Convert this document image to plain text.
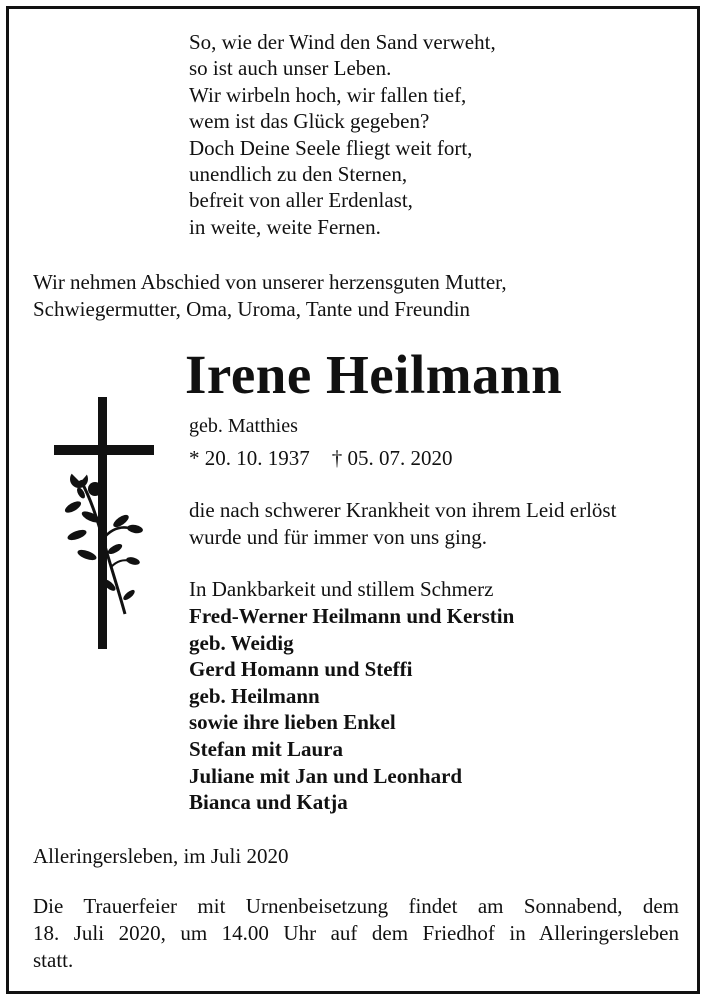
So, wie der Wind den Sand verweht,
so ist auch unser Leben.
Wir wirbeln hoch, wir fallen tief,
wem ist das Glück gegeben?
Doch Deine Seele fliegt weit fort,
unendlich zu den Sternen,
befreit von aller Erdenlast,
in weite, weite Fernen.
Wir nehmen Abschied von unserer herzensguten Mutter,
Schwiegermutter, Oma, Uroma, Tante und Freundin
Irene Heilmann
geb. Matthies
* 20. 10. 1937 † 05. 07. 2020
die nach schwerer Krankheit von ihrem Leid erlöst
wurde und für immer von uns ging.
In Dankbarkeit und stillem Schmerz
Fred-Werner Heilmann und Kerstin
geb. Weidig
Gerd Homann und Steffi
geb. Heilmann
sowie ihre lieben Enkel
Stefan mit Laura
Juliane mit Jan und Leonhard
Bianca und Katja
Alleringersleben, im Juli 2020
Die Trauerfeier mit Urnenbeisetzung findet am Sonnabend, dem
18. Juli 2020, um 14.00 Uhr auf dem Friedhof in Alleringersleben
statt.
